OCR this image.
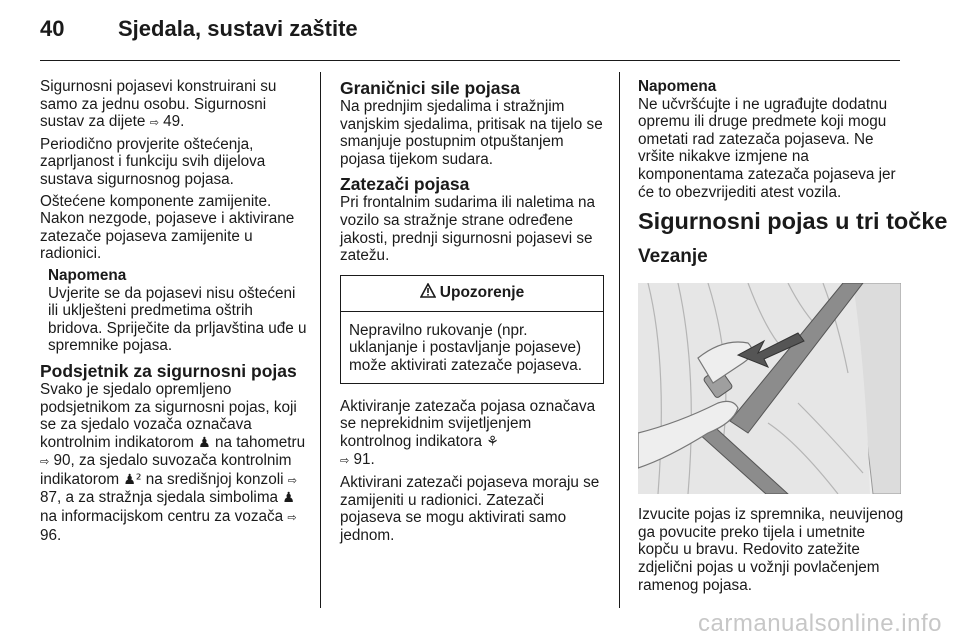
40	Sjedala, sustavi zaštite

Sigurnosni pojasevi konstruirani su samo za jednu osobu. Sigurnosni sustav za dijete ⇨ 49.

Periodično provjerite oštećenja, zaprljanost i funkciju svih dijelova sustava sigurnosnog pojasa.

Oštećene komponente zamijenite. Nakon nezgode, pojaseve i aktivirane zatezače pojaseva zamijenite u radionici.

Napomena
Uvjerite se da pojasevi nisu oštećeni ili uklješteni predmetima oštrih bridova. Spriječite da prljavština uđe u spremnike pojasa.
Podsjetnik za sigurnosni pojas

Svako je sjedalo opremljeno podsjetnikom za sigurnosni pojas, koji se za sjedalo vozača označava kontrolnim indikatorom ♟ na tahometru ⇨ 90, za sjedalo suvozača kontrolnim indikatorom ♟² na središnjoj konzoli ⇨ 87, a za stražnja sjedala simbolima ♟ na informacijskom centru za vozača ⇨ 96.

Graničnici sile pojasa

Na prednjim sjedalima i stražnjim vanjskim sjedalima, pritisak na tijelo se smanjuje postupnim otpuštanjem pojasa tijekom sudara.

Zatezači pojasa

Pri frontalnim sudarima ili naletima na vozilo sa stražnje strane određene jakosti, prednji sigurnosni pojasevi se zatežu.

Upozorenje
Nepravilno rukovanje (npr. uklanjanje i postavljanje pojaseve) može aktivirati zatezače pojaseva.

Aktiviranje zatezača pojasa označava se neprekidnim svijetljenjem kontrolnog indikatora ⚘
⇨ 91.

Aktivirani zatezači pojaseva moraju se zamijeniti u radionici. Zatezači pojaseva se mogu aktivirati samo jednom.

Napomena
Ne učvršćujte i ne ugrađujte dodatnu opremu ili druge predmete koji mogu ometati rad zatezača pojaseva. Ne vršite nikakve izmjene na komponentama zatezača pojaseva jer će to obezvrijediti atest vozila.
Sigurnosni pojas u tri točke
Vezanje

Izvucite pojas iz spremnika, neuvijenog ga povucite preko tijela i umetnite kopču u bravu. Redovito zatežite zdjelični pojas u vožnji povlačenjem ramenog pojasa.

carmanualsonline.info
